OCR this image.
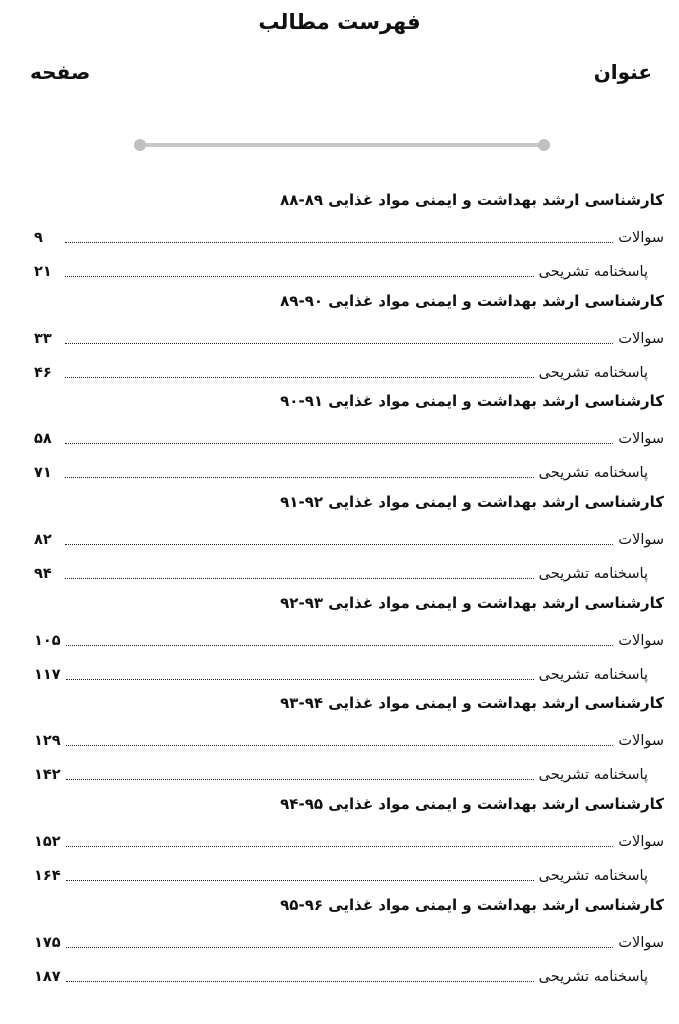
فهرست مطالب
عنوان
صفحه
کارشناسی ارشد بهداشت و ایمنی مواد غذایی ۸۹-۸۸
سوالات
۹
پاسخنامه تشریحی
۲۱
کارشناسی ارشد بهداشت و ایمنی مواد غذایی ۹۰-۸۹
سوالات
۳۳
پاسخنامه تشریحی
۴۶
کارشناسی ارشد بهداشت و ایمنی مواد غذایی ۹۱-۹۰
سوالات
۵۸
پاسخنامه تشریحی
۷۱
کارشناسی ارشد بهداشت و ایمنی مواد غذایی ۹۲-۹۱
سوالات
۸۲
پاسخنامه تشریحی
۹۴
کارشناسی ارشد بهداشت و ایمنی مواد غذایی ۹۳-۹۲
سوالات
۱۰۵
پاسخنامه تشریحی
۱۱۷
کارشناسی ارشد بهداشت و ایمنی مواد غذایی ۹۴-۹۳
سوالات
۱۲۹
پاسخنامه تشریحی
۱۴۲
کارشناسی ارشد بهداشت و ایمنی مواد غذایی ۹۵-۹۴
سوالات
۱۵۲
پاسخنامه تشریحی
۱۶۴
کارشناسی ارشد بهداشت و ایمنی مواد غذایی ۹۶-۹۵
سوالات
۱۷۵
پاسخنامه تشریحی
۱۸۷
